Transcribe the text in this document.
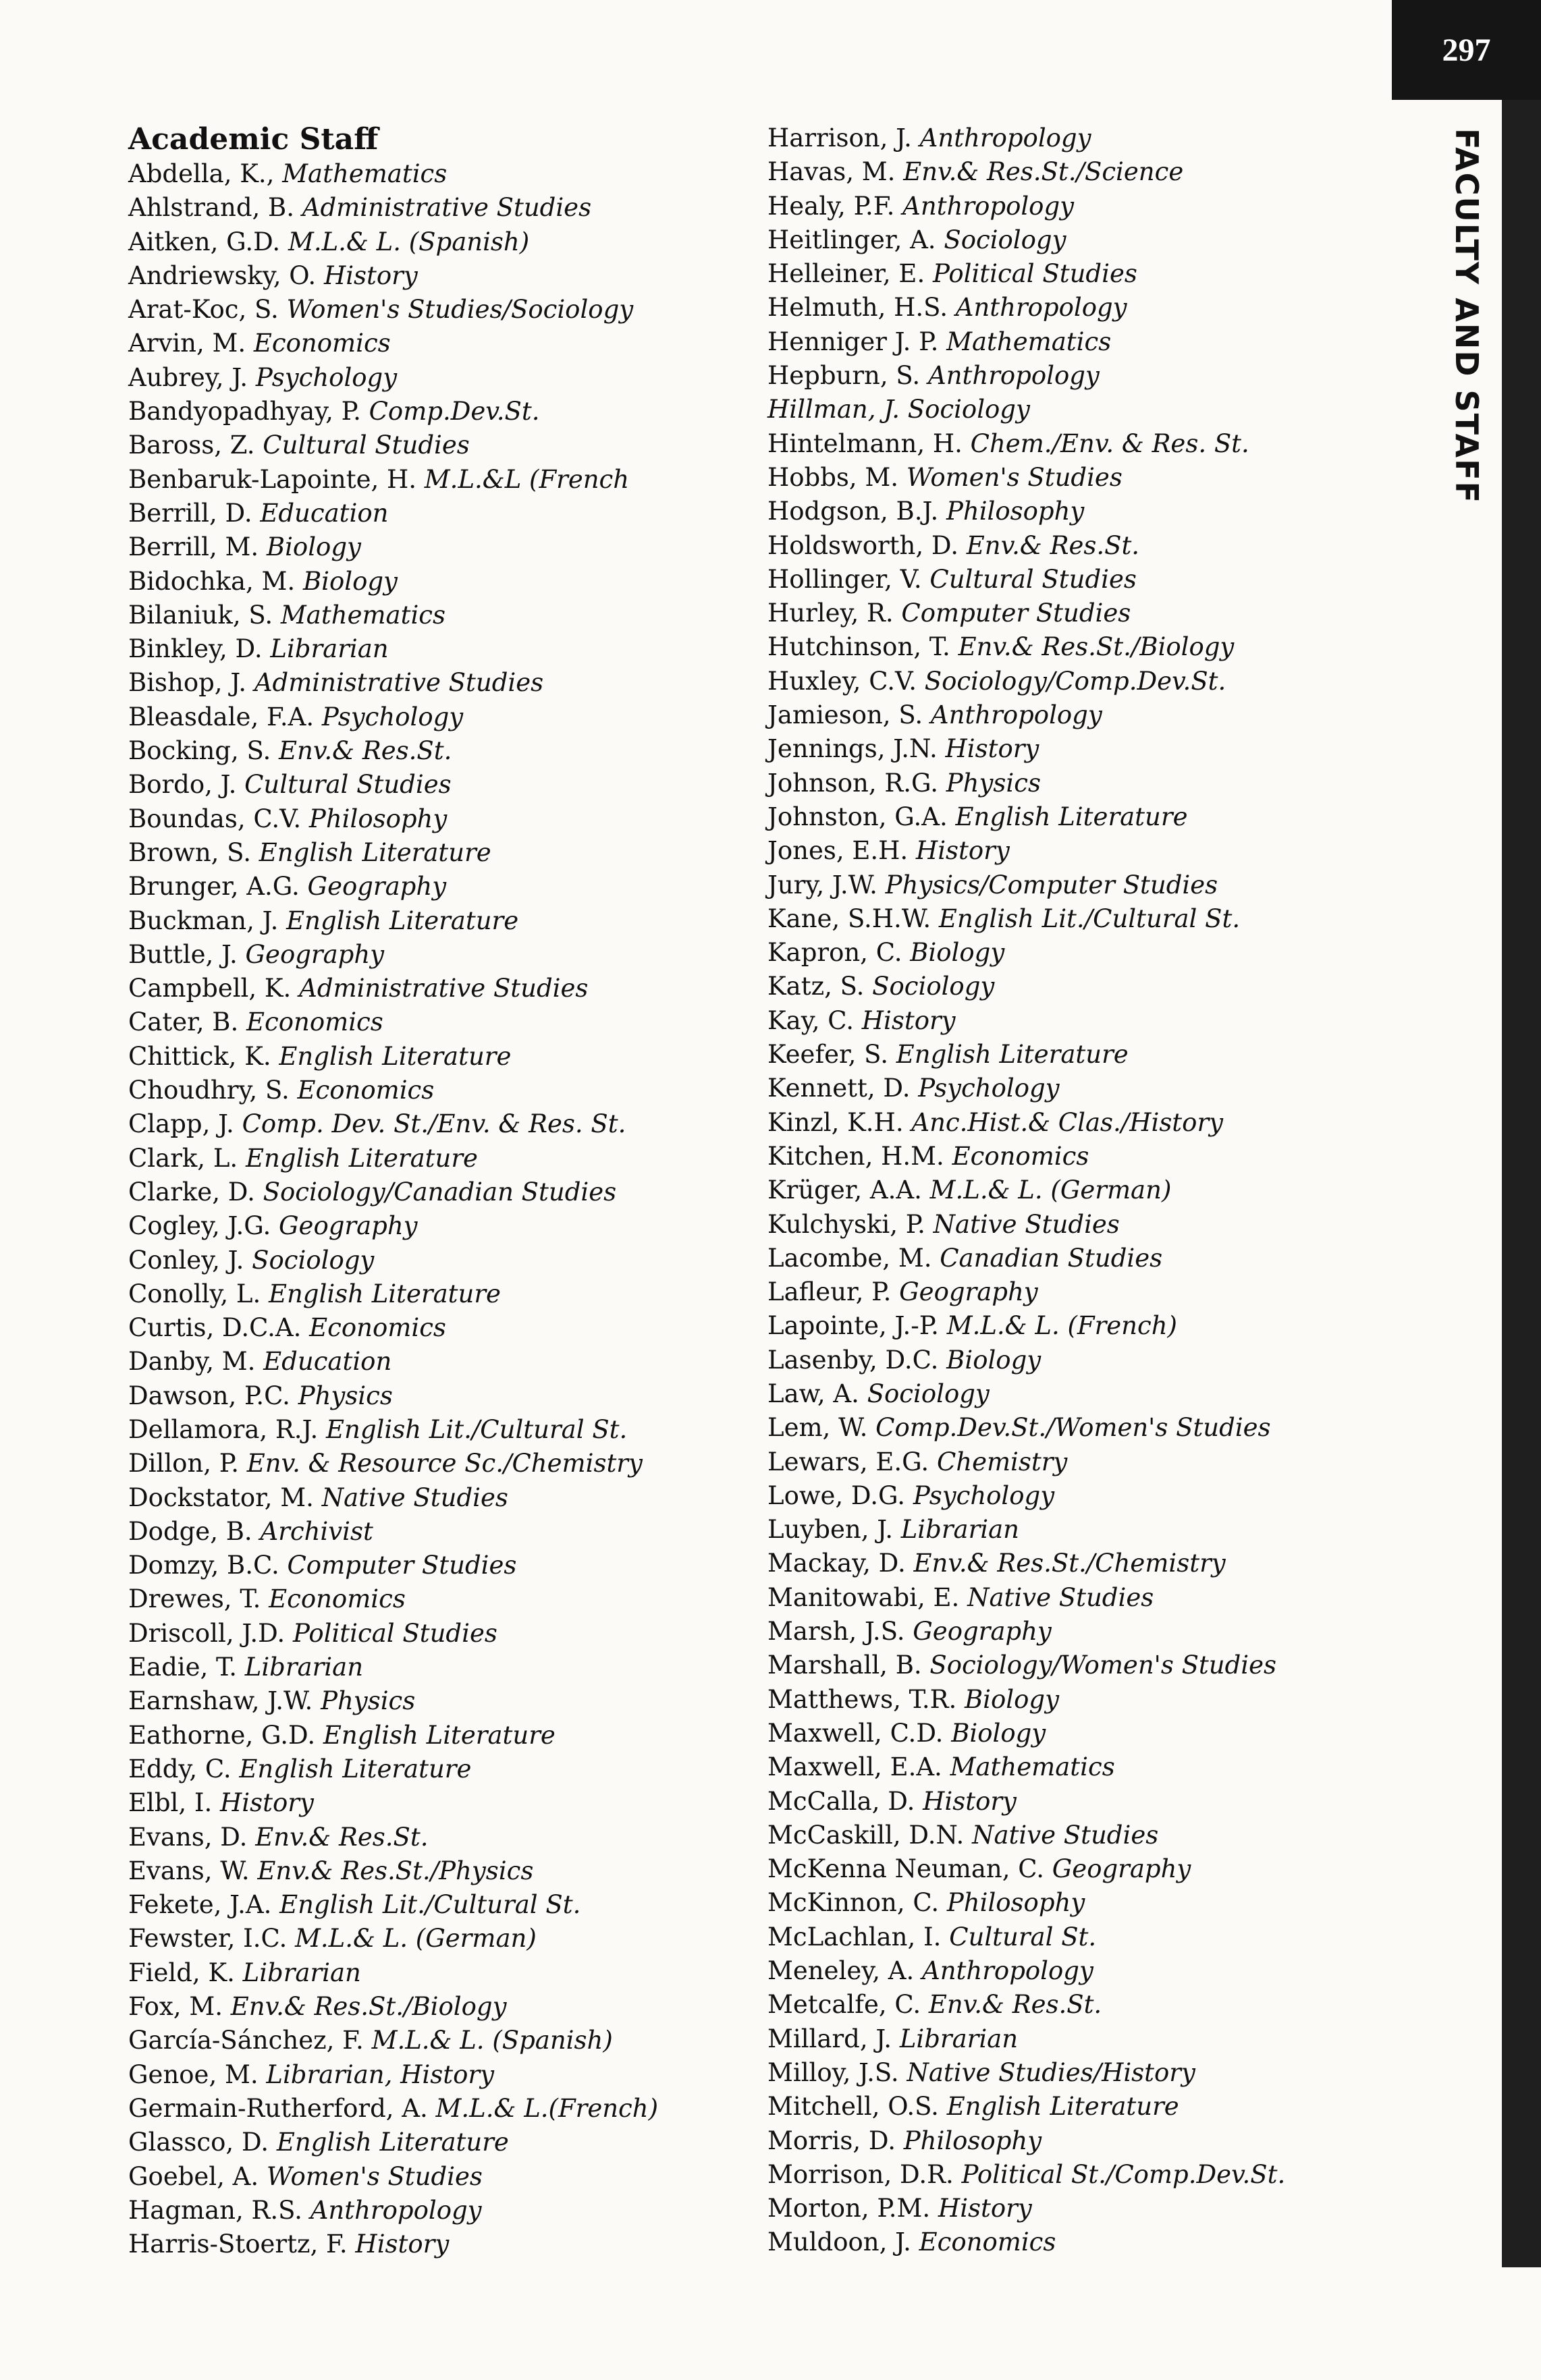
297
FACULTY AND STAFF
Academic Staff
Abdella, K., Mathematics
Ahlstrand, B. Administrative Studies
Aitken, G.D. M.L.& L. (Spanish)
Andriewsky, O. History
Arat-Koc, S. Women's Studies/Sociology
Arvin, M. Economics
Aubrey, J. Psychology
Bandyopadhyay, P. Comp.Dev.St.
Baross, Z. Cultural Studies
Benbaruk-Lapointe, H. M.L.&L (French
Berrill, D. Education
Berrill, M. Biology
Bidochka, M. Biology
Bilaniuk, S. Mathematics
Binkley, D. Librarian
Bishop, J. Administrative Studies
Bleasdale, F.A. Psychology
Bocking, S. Env.& Res.St.
Bordo, J. Cultural Studies
Boundas, C.V. Philosophy
Brown, S. English Literature
Brunger, A.G. Geography
Buckman, J. English Literature
Buttle, J. Geography
Campbell, K. Administrative Studies
Cater, B. Economics
Chittick, K. English Literature
Choudhry, S. Economics
Clapp, J. Comp. Dev. St./Env. & Res. St.
Clark, L. English Literature
Clarke, D. Sociology/Canadian Studies
Cogley, J.G. Geography
Conley, J. Sociology
Conolly, L. English Literature
Curtis, D.C.A. Economics
Danby, M. Education
Dawson, P.C. Physics
Dellamora, R.J. English Lit./Cultural St.
Dillon, P. Env. & Resource Sc./Chemistry
Dockstator, M. Native Studies
Dodge, B. Archivist
Domzy, B.C. Computer Studies
Drewes, T. Economics
Driscoll, J.D. Political Studies
Eadie, T. Librarian
Earnshaw, J.W. Physics
Eathorne, G.D. English Literature
Eddy, C. English Literature
Elbl, I. History
Evans, D. Env.& Res.St.
Evans, W. Env.& Res.St./Physics
Fekete, J.A. English Lit./Cultural St.
Fewster, I.C. M.L.& L. (German)
Field, K. Librarian
Fox, M. Env.& Res.St./Biology
García-Sánchez, F. M.L.& L. (Spanish)
Genoe, M. Librarian, History
Germain-Rutherford, A. M.L.& L.(French)
Glassco, D. English Literature
Goebel, A. Women's Studies
Hagman, R.S. Anthropology
Harris-Stoertz, F. History
Harrison, J. Anthropology
Havas, M. Env.& Res.St./Science
Healy, P.F. Anthropology
Heitlinger, A. Sociology
Helleiner, E. Political Studies
Helmuth, H.S. Anthropology
Henniger J. P. Mathematics
Hepburn, S. Anthropology
Hillman, J. Sociology
Hintelmann, H. Chem./Env. & Res. St.
Hobbs, M. Women's Studies
Hodgson, B.J. Philosophy
Holdsworth, D. Env.& Res.St.
Hollinger, V. Cultural Studies
Hurley, R. Computer Studies
Hutchinson, T. Env.& Res.St./Biology
Huxley, C.V. Sociology/Comp.Dev.St.
Jamieson, S. Anthropology
Jennings, J.N. History
Johnson, R.G. Physics
Johnston, G.A. English Literature
Jones, E.H. History
Jury, J.W. Physics/Computer Studies
Kane, S.H.W. English Lit./Cultural St.
Kapron, C. Biology
Katz, S. Sociology
Kay, C. History
Keefer, S. English Literature
Kennett, D. Psychology
Kinzl, K.H. Anc.Hist.& Clas./History
Kitchen, H.M. Economics
Krüger, A.A. M.L.& L. (German)
Kulchyski, P. Native Studies
Lacombe, M. Canadian Studies
Lafleur, P. Geography
Lapointe, J.-P. M.L.& L. (French)
Lasenby, D.C. Biology
Law, A. Sociology
Lem, W. Comp.Dev.St./Women's Studies
Lewars, E.G. Chemistry
Lowe, D.G. Psychology
Luyben, J. Librarian
Mackay, D. Env.& Res.St./Chemistry
Manitowabi, E. Native Studies
Marsh, J.S. Geography
Marshall, B. Sociology/Women's Studies
Matthews, T.R. Biology
Maxwell, C.D. Biology
Maxwell, E.A. Mathematics
McCalla, D. History
McCaskill, D.N. Native Studies
McKenna Neuman, C. Geography
McKinnon, C. Philosophy
McLachlan, I. Cultural St.
Meneley, A. Anthropology
Metcalfe, C. Env.& Res.St.
Millard, J. Librarian
Milloy, J.S. Native Studies/History
Mitchell, O.S. English Literature
Morris, D. Philosophy
Morrison, D.R. Political St./Comp.Dev.St.
Morton, P.M. History
Muldoon, J. Economics
